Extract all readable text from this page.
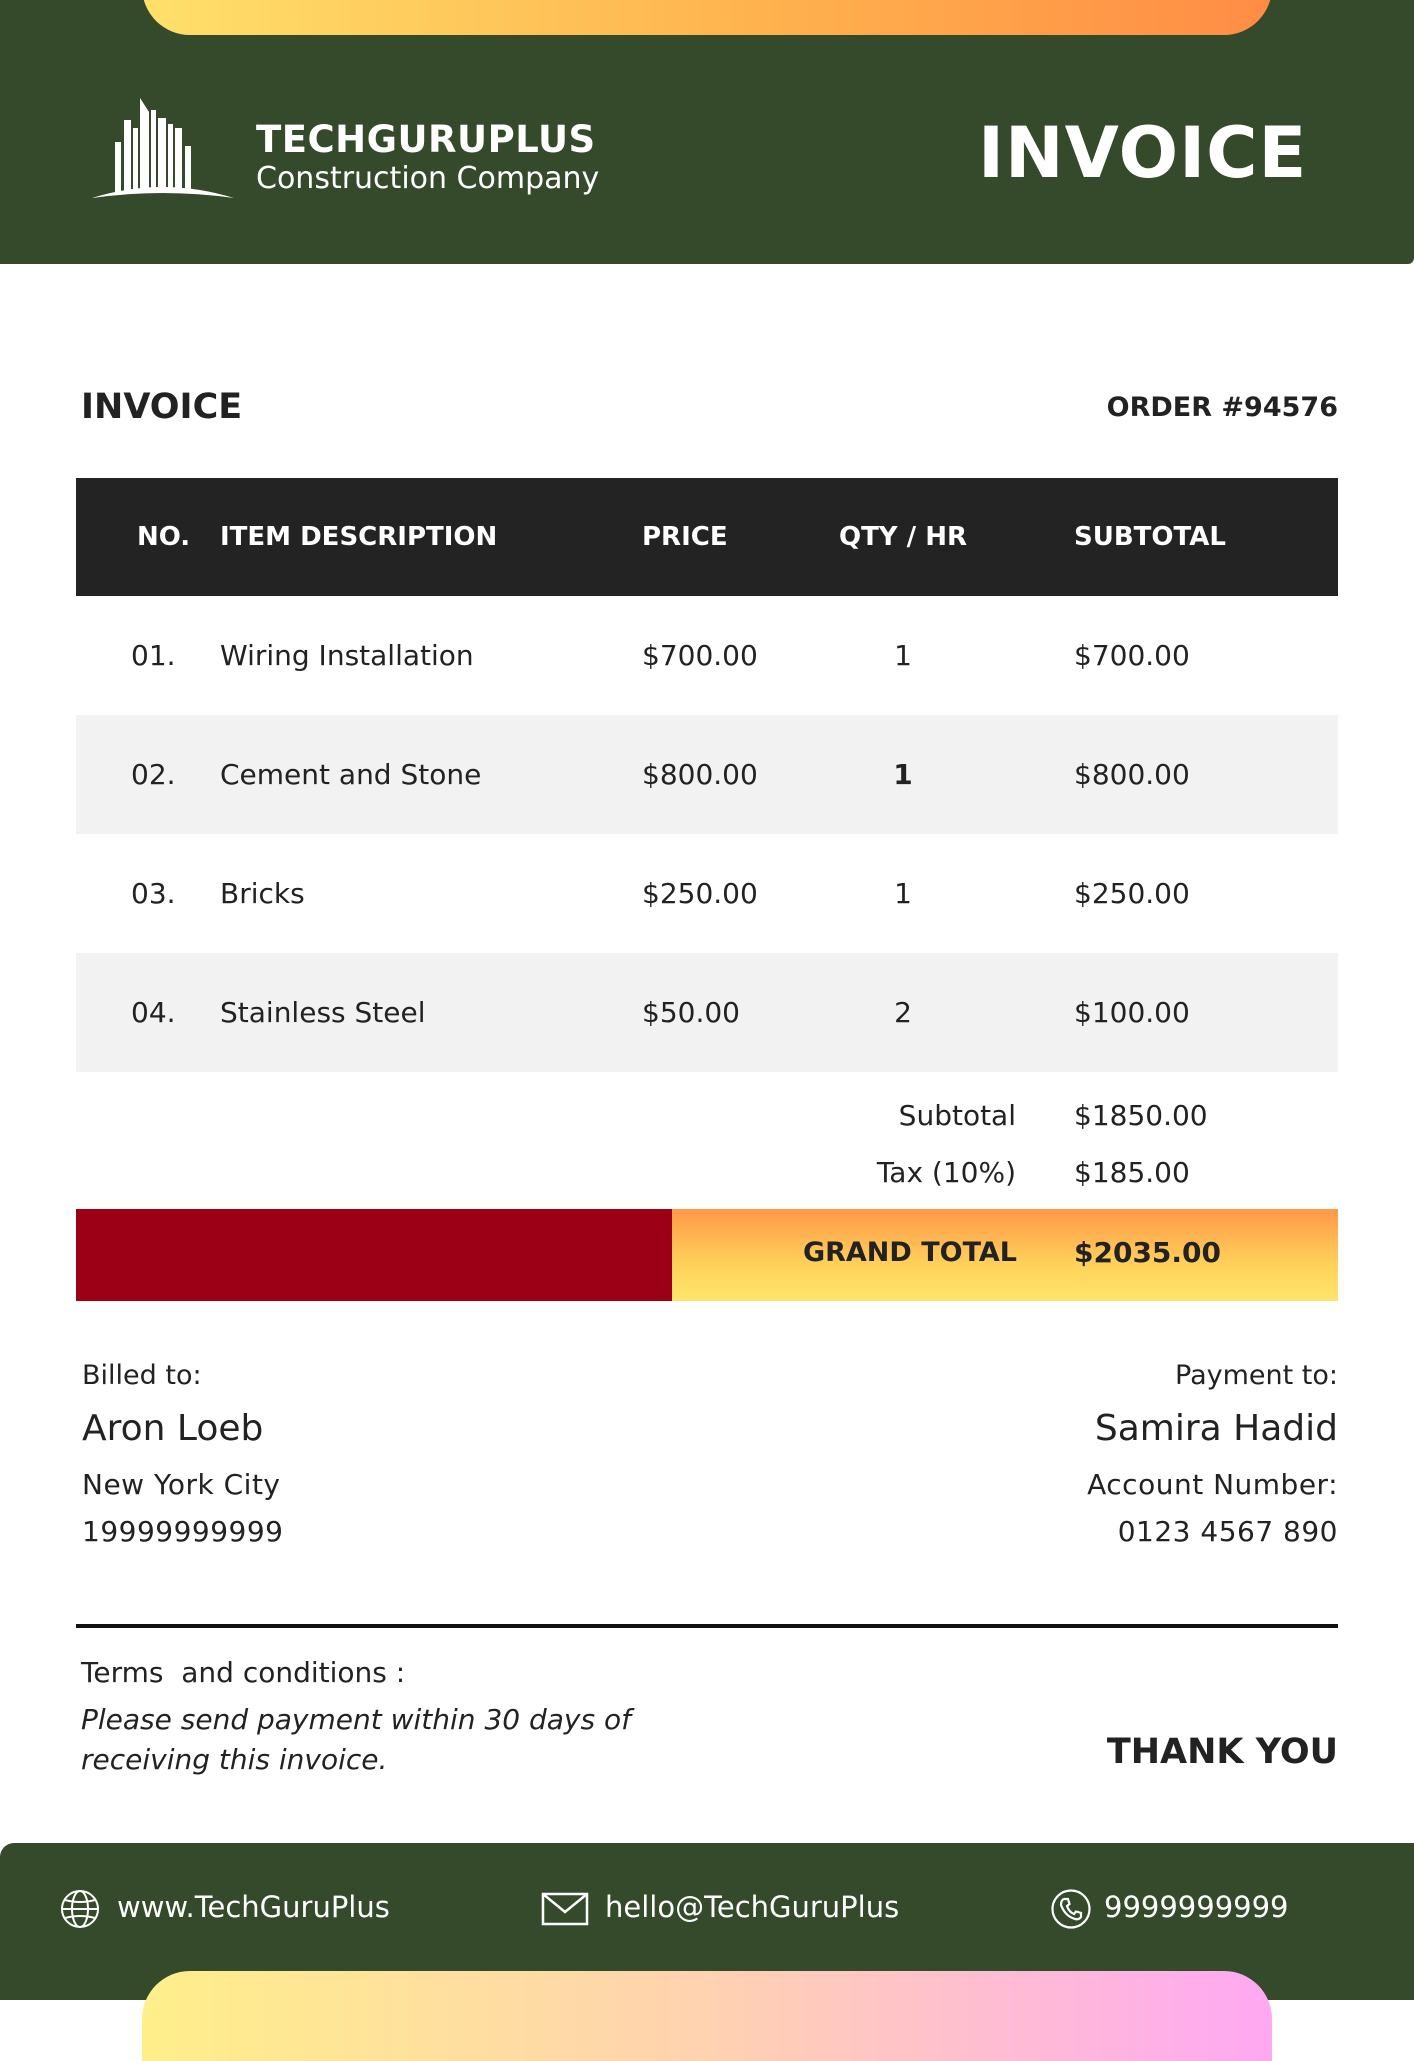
TECHGURUPLUS
Construction Company	INVOICE
INVOICE	ORDER #94576
NO. ITEM DESCRIPTION	PRICE	QTY / HR	SUBTOTAL
01. Wiring Installation	$700.00	1	$700.00
02. Cement and Stone	$800.00	1	$800.00
03. Bricks	$250.00	1	$250.00
04. Stainless Steel	$50.00	2	$100.00
Subtotal $1850.00
Tax (10%) $185.00
GRAND TOTAL $2035.00
Billed to:
Aron Loeb
New York City
19999999999
Payment to:
Samira Hadid
Account Number:
0123 4567 890
Terms  and conditions :
Please send payment within 30 days of receiving this invoice.	THANK YOU
www.TechGuruPlus	hello@TechGuruPlus	9999999999
